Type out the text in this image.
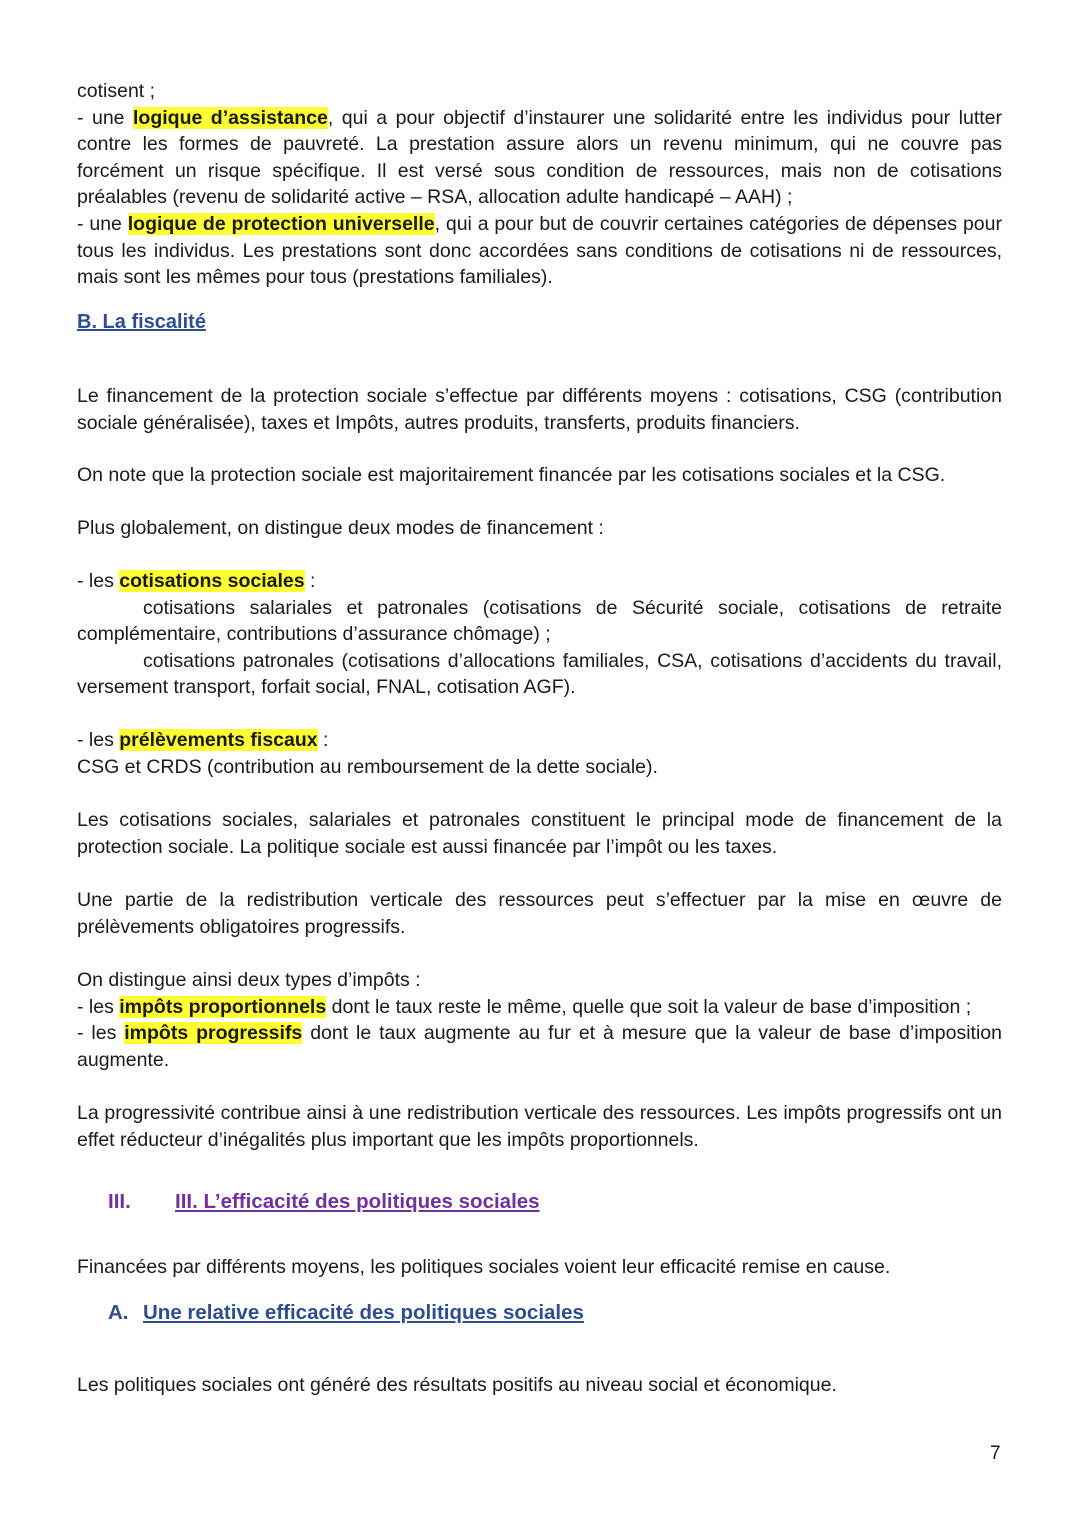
cotisent ;
- une logique d’assistance, qui a pour objectif d’instaurer une solidarité entre les individus pour lutter contre les formes de pauvreté. La prestation assure alors un revenu minimum, qui ne couvre pas forcément un risque spécifique. Il est versé sous condition de ressources, mais non de cotisations préalables (revenu de solidarité active – RSA, allocation adulte handicapé – AAH) ;
- une logique de protection universelle, qui a pour but de couvrir certaines catégories de dépenses pour tous les individus. Les prestations sont donc accordées sans conditions de cotisations ni de ressources, mais sont les mêmes pour tous (prestations familiales).
B. La fiscalité
Le financement de la protection sociale s’effectue par différents moyens : cotisations, CSG (contribution sociale généralisée), taxes et Impôts, autres produits, transferts, produits financiers.
On note que la protection sociale est majoritairement financée par les cotisations sociales et la CSG.
Plus globalement, on distingue deux modes de financement :
- les cotisations sociales :
cotisations salariales et patronales (cotisations de Sécurité sociale, cotisations de retraite complémentaire, contributions d’assurance chômage) ;
cotisations patronales (cotisations d’allocations familiales, CSA, cotisations d’accidents du travail, versement transport, forfait social, FNAL, cotisation AGF).
- les prélèvements fiscaux :
CSG et CRDS (contribution au remboursement de la dette sociale).
Les cotisations sociales, salariales et patronales constituent le principal mode de financement de la protection sociale. La politique sociale est aussi financée par l’impôt ou les taxes.
Une partie de la redistribution verticale des ressources peut s’effectuer par la mise en œuvre de prélèvements obligatoires progressifs.
On distingue ainsi deux types d’impôts :
- les impôts proportionnels dont le taux reste le même, quelle que soit la valeur de base d’imposition ;
- les impôts progressifs dont le taux augmente au fur et à mesure que la valeur de base d’imposition augmente.
La progressivité contribue ainsi à une redistribution verticale des ressources. Les impôts progressifs ont un effet réducteur d’inégalités plus important que les impôts proportionnels.
III. III. L’efficacité des politiques sociales
Financées par différents moyens, les politiques sociales voient leur efficacité remise en cause.
A. Une relative efficacité des politiques sociales
Les politiques sociales ont généré des résultats positifs au niveau social et économique.
7
